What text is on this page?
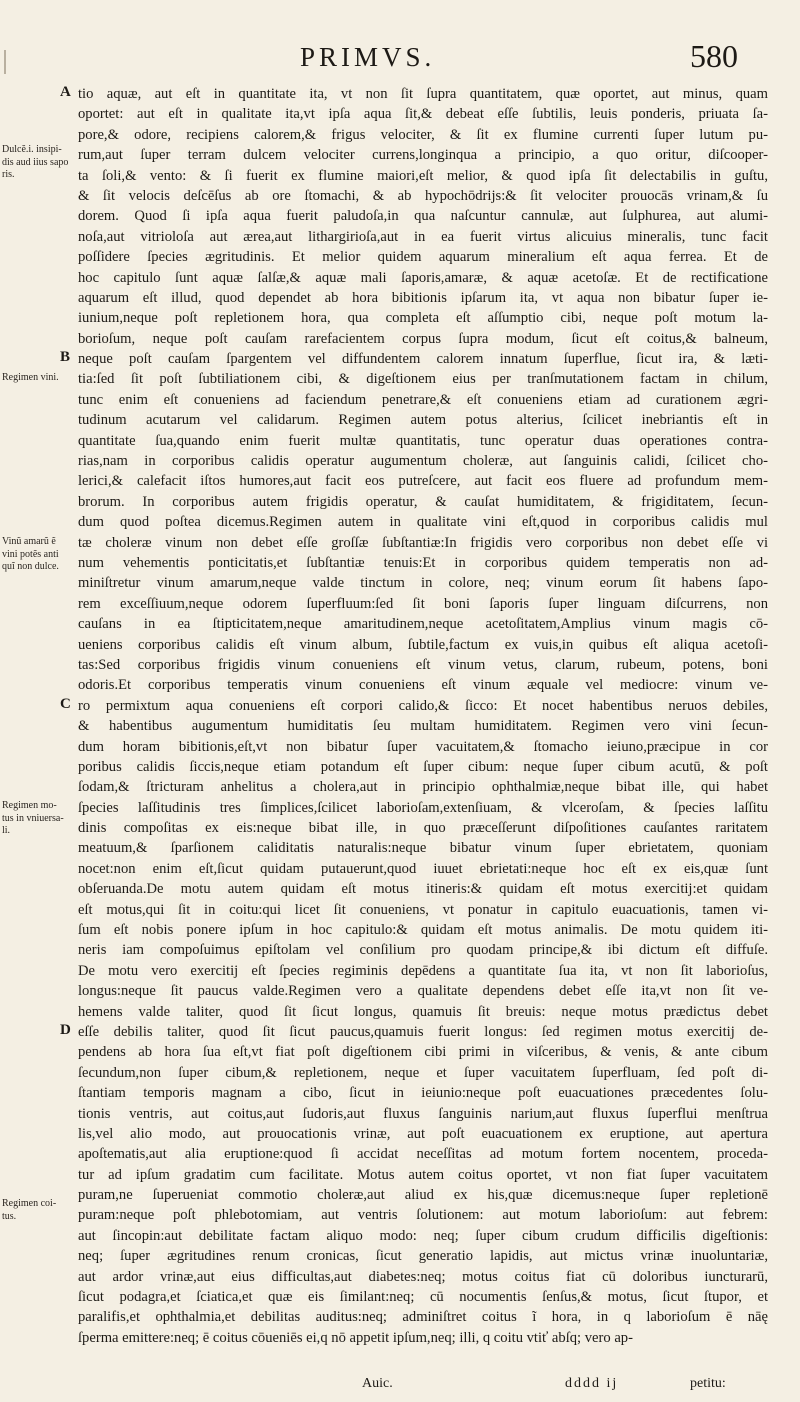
PRIMVS.	580
A
B
C
D
Dulcĕ.i. insipi- dis aud iius sapo ris.
Regimen vini.
Vinũ amarũ ẽ vini potẽs anti quĩ non dulce.
Regimen mo- tus in vniuersa- li.
Regimen coi- tus.
tio aquæ, aut eſt in quantitate ita, vt non ſit ſupra quantitatem, quæ oportet, aut minus, quam
oportet: aut eſt in qualitate ita,vt ipſa aqua ſit,& debeat eſſe ſubtilis, leuis ponderis, priuata ſa-
pore,& odore, recipiens calorem,& frigus velociter, & ſit ex flumine currenti ſuper lutum pu-
rum,aut ſuper terram dulcem velociter currens,longinqua a principio, a quo oritur, diſcooper-
ta ſoli,& vento: & ſi fuerit ex flumine maiori,eſt melior, & quod ipſa ſit delectabilis in guſtu,
& ſit velocis deſcēſus ab ore ſtomachi, & ab hypochōdrijs:& ſit velociter prouocās vrinam,& ſu
dorem. Quod ſi ipſa aqua fuerit paludoſa,in qua naſcuntur cannulæ, aut ſulphurea, aut alumi-
noſa,aut vitrioloſa aut æreа,aut lithargirioſa,aut in ea fuerit virtus alicuius mineralis, tunc facit
poſſidere ſpecies ægritudinis. Et melior quidem aquarum mineralium eſt aqua ferrea. Et de
hoc capitulo ſunt aquæ ſalſæ,& aquæ mali ſaporis,amaræ, & aquæ acetoſæ. Et de rectificatione
aquarum eſt illud, quod dependet ab hora bibitionis ipſarum ita, vt aqua non bibatur ſuper ie-
iunium,neque poſt repletionem hora, qua completa eſt aſſumptio cibi, neque poſt motum la-
borioſum, neque poſt cauſam rarefacientem corpus ſupra modum, ſicut eſt coitus,& balneum,
neque poſt cauſam ſpargentem vel diffundentem calorem innatum ſuperflue, ſicut ira, & læti-
tia:ſed ſit poſt ſubtiliationem cibi, & digeſtionem eius per tranſmutationem factam in chilum,
tunc enim eſt conueniens ad faciendum penetrare,& eſt conueniens etiam ad curationem ægri-
tudinum acutarum vel calidarum. Regimen autem potus alterius, ſcilicet inebriantis eſt in
quantitate ſua,quando enim fuerit multæ quantitatis, tunc operatur duas operationes contra-
rias,nam in corporibus calidis operatur augumentum choleræ, aut ſanguinis calidi, ſcilicet cho-
lerici,& calefacit iſtos humores,aut facit eos putreſcere, aut facit eos fluere ad profundum mem-
brorum. In corporibus autem frigidis operatur, & cauſat humiditatem, & frigiditatem, ſecun-
dum quod poſtea dicemus.Regimen autem in qualitate vini eſt,quod in corporibus calidis mul
tæ choleræ vinum non debet eſſe groſſæ ſubſtantiæ:In frigidis vero corporibus non debet eſſe vi
num vehementis ponticitatis,et ſubſtantiæ tenuis:Et in corporibus quidem temperatis non ad-
miniſtretur vinum amarum,neque valde tinctum in colore, neq; vinum eorum ſit habens ſapo-
rem exceſſiuum,neque odorem ſuperfluum:ſed ſit boni ſaporis ſuper linguam diſcurrens, non
cauſans in ea ſtipticitatem,neque amaritudinem,neque acetoſitatem,Amplius vinum magis cō-
ueniens corporibus calidis eſt vinum album, ſubtile,factum ex vuis,in quibus eſt aliqua acetoſi-
tas:Sed corporibus frigidis vinum conueniens eſt vinum vetus, clarum, rubeum, potens, boni
odoris.Et corporibus temperatis vinum conueniens eſt vinum æquale vel mediocre: vinum ve-
ro permixtum aqua conueniens eſt corpori calido,& ſicco: Et nocet habentibus neruos debiles,
& habentibus augumentum humiditatis ſeu multam humiditatem. Regimen vero vini ſecun-
dum horam bibitionis,eſt,vt non bibatur ſuper vacuitatem,& ſtomacho ieiuno,præcipue in cor
poribus calidis ſiccis,neque etiam potandum eſt ſuper cibum: neque ſuper cibum acutū, & poſt
ſodam,& ſtricturam anhelitus a cholera,aut in principio ophthalmiæ,neque bibat ille, qui habet
ſpecies laſſitudinis tres ſimplices,ſcilicet laborioſam,extenſiuam, & vlceroſam, & ſpecies laſſitu
dinis compoſitas ex eis:neque bibat ille, in quo præceſſerunt diſpoſitiones cauſantes raritatem
meatuum,& ſparſionem caliditatis naturalis:neque bibatur vinum ſuper ebrietatem, quoniam
nocet:non enim eſt,ſicut quidam putauerunt,quod iuuet ebrietati:neque hoc eſt ex eis,quæ ſunt
obſeruanda.De motu autem quidam eſt motus itineris:& quidam eſt motus exercitij:et quidam
eſt motus,qui ſit in coitu:qui licet ſit conueniens, vt ponatur in capitulo euacuationis, tamen vi-
ſum eſt nobis ponere ipſum in hoc capitulo:& quidam eſt motus animalis. De motu quidem iti-
neris iam compoſuimus epiſtolam vel conſilium pro quodam principe,& ibi dictum eſt diffuſe.
De motu vero exercitij eſt ſpecies regiminis depēdens a quantitate ſua ita, vt non ſit laborioſus,
longus:neque ſit paucus valde.Regimen vero a qualitate dependens debet eſſe ita,vt non ſit ve-
hemens valde taliter, quod ſit ſicut longus, quamuis ſit breuis: neque motus prædictus debet
eſſe debilis taliter, quod ſit ſicut paucus,quamuis fuerit longus: ſed regimen motus exercitij de-
pendens ab hora ſua eſt,vt fiat poſt digeſtionem cibi primi in viſceribus, & venis, & ante cibum
ſecundum,non ſuper cibum,& repletionem, neque et ſuper vacuitatem ſuperfluam, ſed poſt di-
ſtantiam temporis magnam a cibo, ſicut in ieiunio:neque poſt euacuationes præcedentes ſolu-
tionis ventris, aut coitus,aut ſudoris,aut fluxus ſanguinis narium,aut fluxus ſuperflui menſtrua
lis,vel alio modo, aut prouocationis vrinæ, aut poſt euacuationem ex eruptione, aut apertura
apoſtematis,aut alia eruptione:quod ſi accidat neceſſitas ad motum fortem nocentem, proceda-
tur ad ipſum gradatim cum facilitate. Motus autem coitus oportet, vt non fiat ſuper vacuitatem
puram,ne ſuperueniat commotio choleræ,aut aliud ex his,quæ dicemus:neque ſuper repletionē
puram:neque poſt phlebotomiam, aut ventris ſolutionem: aut motum laborioſum: aut febrem:
aut ſincopin:aut debilitate factam aliquo modo: neq; ſuper cibum crudum difficilis digeſtionis:
neq; ſuper ægritudines renum cronicas, ſicut generatio lapidis, aut mictus vrinæ inuoluntariæ,
aut ardor vrinæ,aut eius difficultas,aut diabetes:neq; motus coitus fiat cū doloribus iuncturarū,
ſicut podagra,et ſciatica,et quæ eis ſimilant:neq; cū nocumentis ſenſus,& motus, ſicut ſtupor, et
paralifis,et ophthalmia,et debilitas auditus:neq; adminiſtret coitus ĩ hora, in q laborioſum ē nāę
ſperma emittere:neq; ē coitus cōueniēs ei,q nō appetit ipſum,neq; illi, q coitu vtiť abſq; vero ap-
Auic.	dddd ij	petitu:
